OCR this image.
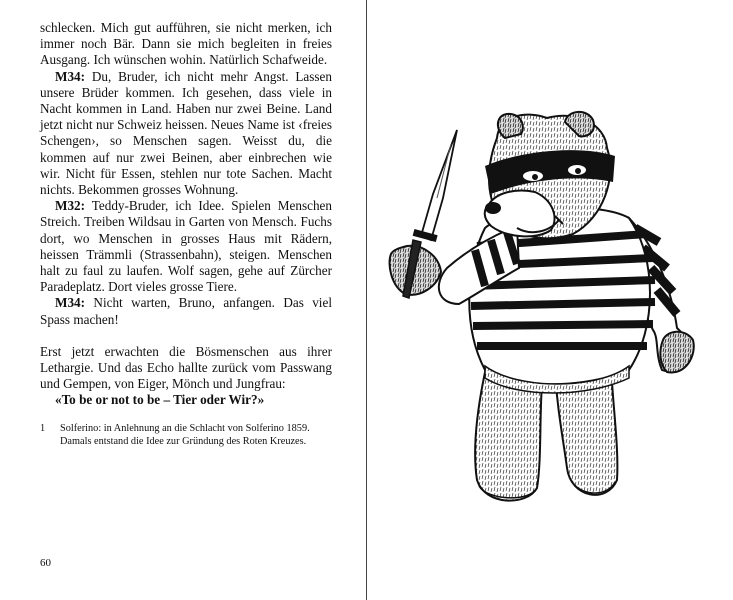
schlecken. Mich gut aufführen, sie nicht merken, ich immer noch Bär. Dann sie mich begleiten in freies Ausgang. Ich wünschen wohin. Natürlich Schafweide.

M34: Du, Bruder, ich nicht mehr Angst. Lassen unsere Brüder kommen. Ich gesehen, dass viele in Nacht kommen in Land. Haben nur zwei Beine. Land jetzt nicht nur Schweiz heissen. Neues Name ist ‹freies Schengen›, so Menschen sagen. Weisst du, die kommen auf nur zwei Beinen, aber einbrechen wie wir. Nicht für Essen, stehlen nur tote Sachen. Macht nichts. Bekommen grosses Wohnung.

M32: Teddy-Bruder, ich Idee. Spielen Menschen Streich. Treiben Wildsau in Garten von Mensch. Fuchs dort, wo Menschen in grosses Haus mit Rädern, heissen Trämmli (Strassenbahn), steigen. Menschen halt zu faul zu laufen. Wolf sagen, gehe auf Zürcher Paradeplatz. Dort vieles grosse Tiere.

M34: Nicht warten, Bruno, anfangen. Das viel Spass machen!

Erst jetzt erwachten die Bösmenschen aus ihrer Lethargie. Und das Echo hallte zurück vom Passwang und Gempen, von Eiger, Mönch und Jungfrau:

«To be or not to be – Tier oder Wir?»

1	Solferino: in Anlehnung an die Schlacht von Solferino 1859. Damals entstand die Idee zur Gründung des Roten Kreuzes.
60
